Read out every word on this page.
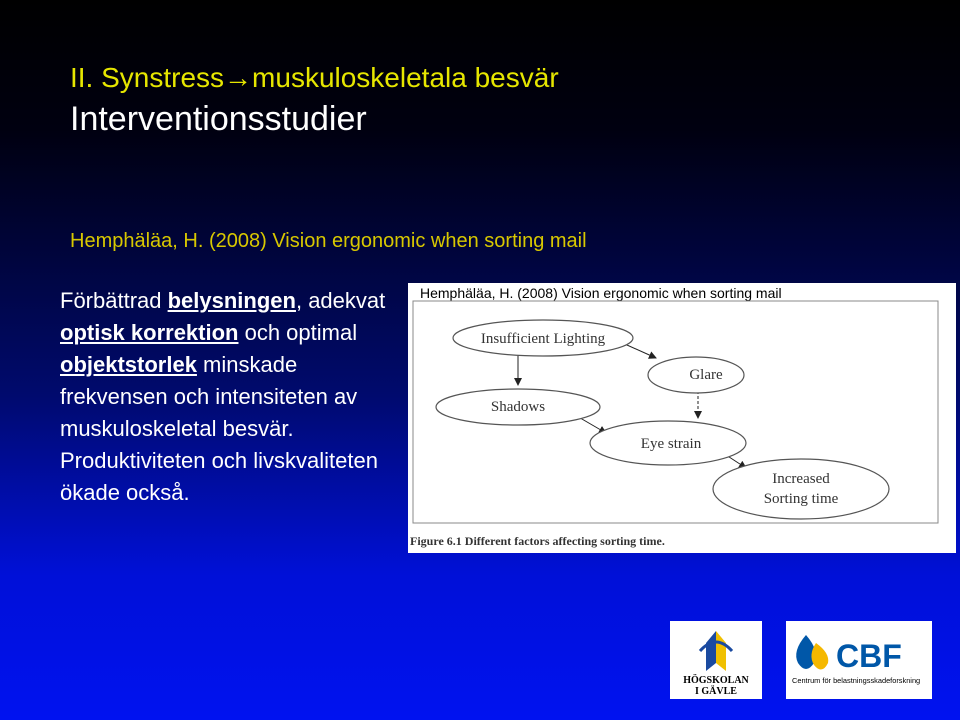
II. Synstress→muskuloskeletala besvär
Interventionsstudier
Hemphäläa, H. (2008) Vision ergonomic when sorting mail
Förbättrad belysningen, adekvat optisk korrektion och optimal objektstorlek minskade frekvensen och intensiteten av muskuloskeletal besvär. Produktiviteten och livskvaliteten ökade också.
Hemphäläa, H. (2008) Vision ergonomic when sorting mail
Insufficient Lighting
Glare
Shadows
Eye strain
Increased
Sorting time
Figure 6.1 Different factors affecting sorting time.
HÖGSKOLAN
I GÄVLE
CBF
Centrum för belastningsskadeforskning
